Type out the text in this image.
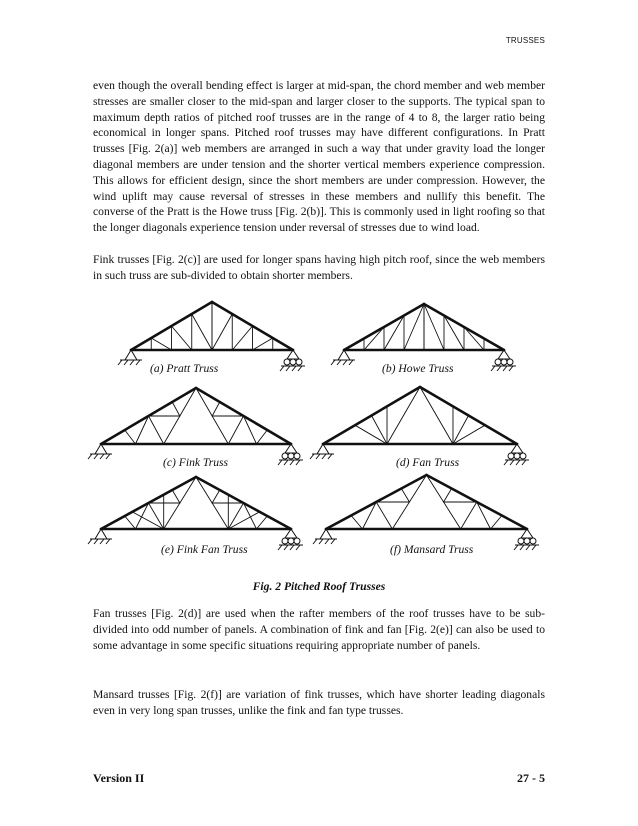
TRUSSES

even though the overall bending effect is larger at mid-span, the chord member and web member stresses are smaller closer to the mid-span and larger closer to the supports. The typical span to maximum depth ratios of pitched roof trusses are in the range of 4 to 8, the larger ratio being economical in longer spans. Pitched roof trusses may have different configurations. In Pratt trusses [Fig. 2(a)] web members are arranged in such a way that under gravity load the longer diagonal members are under tension and the shorter vertical members experience compression. This allows for efficient design, since the short members are under compression. However, the wind uplift may cause reversal of stresses in these members and nullify this benefit. The converse of the Pratt is the Howe truss [Fig. 2(b)]. This is commonly used in light roofing so that the longer diagonals experience tension under reversal of stresses due to wind load.

Fink trusses [Fig. 2(c)] are used for longer spans having high pitch roof, since the web members in such truss are sub-divided to obtain shorter members.

(a) Pratt Truss	(b) Howe Truss
(c) Fink Truss	(d) Fan Truss
(e) Fink Fan Truss	(f) Mansard Truss
Fig. 2 Pitched Roof Trusses

Fan trusses [Fig. 2(d)] are used when the rafter members of the roof trusses have to be sub-divided into odd number of panels. A combination of fink and fan [Fig. 2(e)] can also be used to some advantage in some specific situations requiring appropriate number of panels.

Mansard trusses [Fig. 2(f)] are variation of fink trusses, which have shorter leading diagonals even in very long span trusses, unlike the fink and fan type trusses.

Version II	27 - 5
